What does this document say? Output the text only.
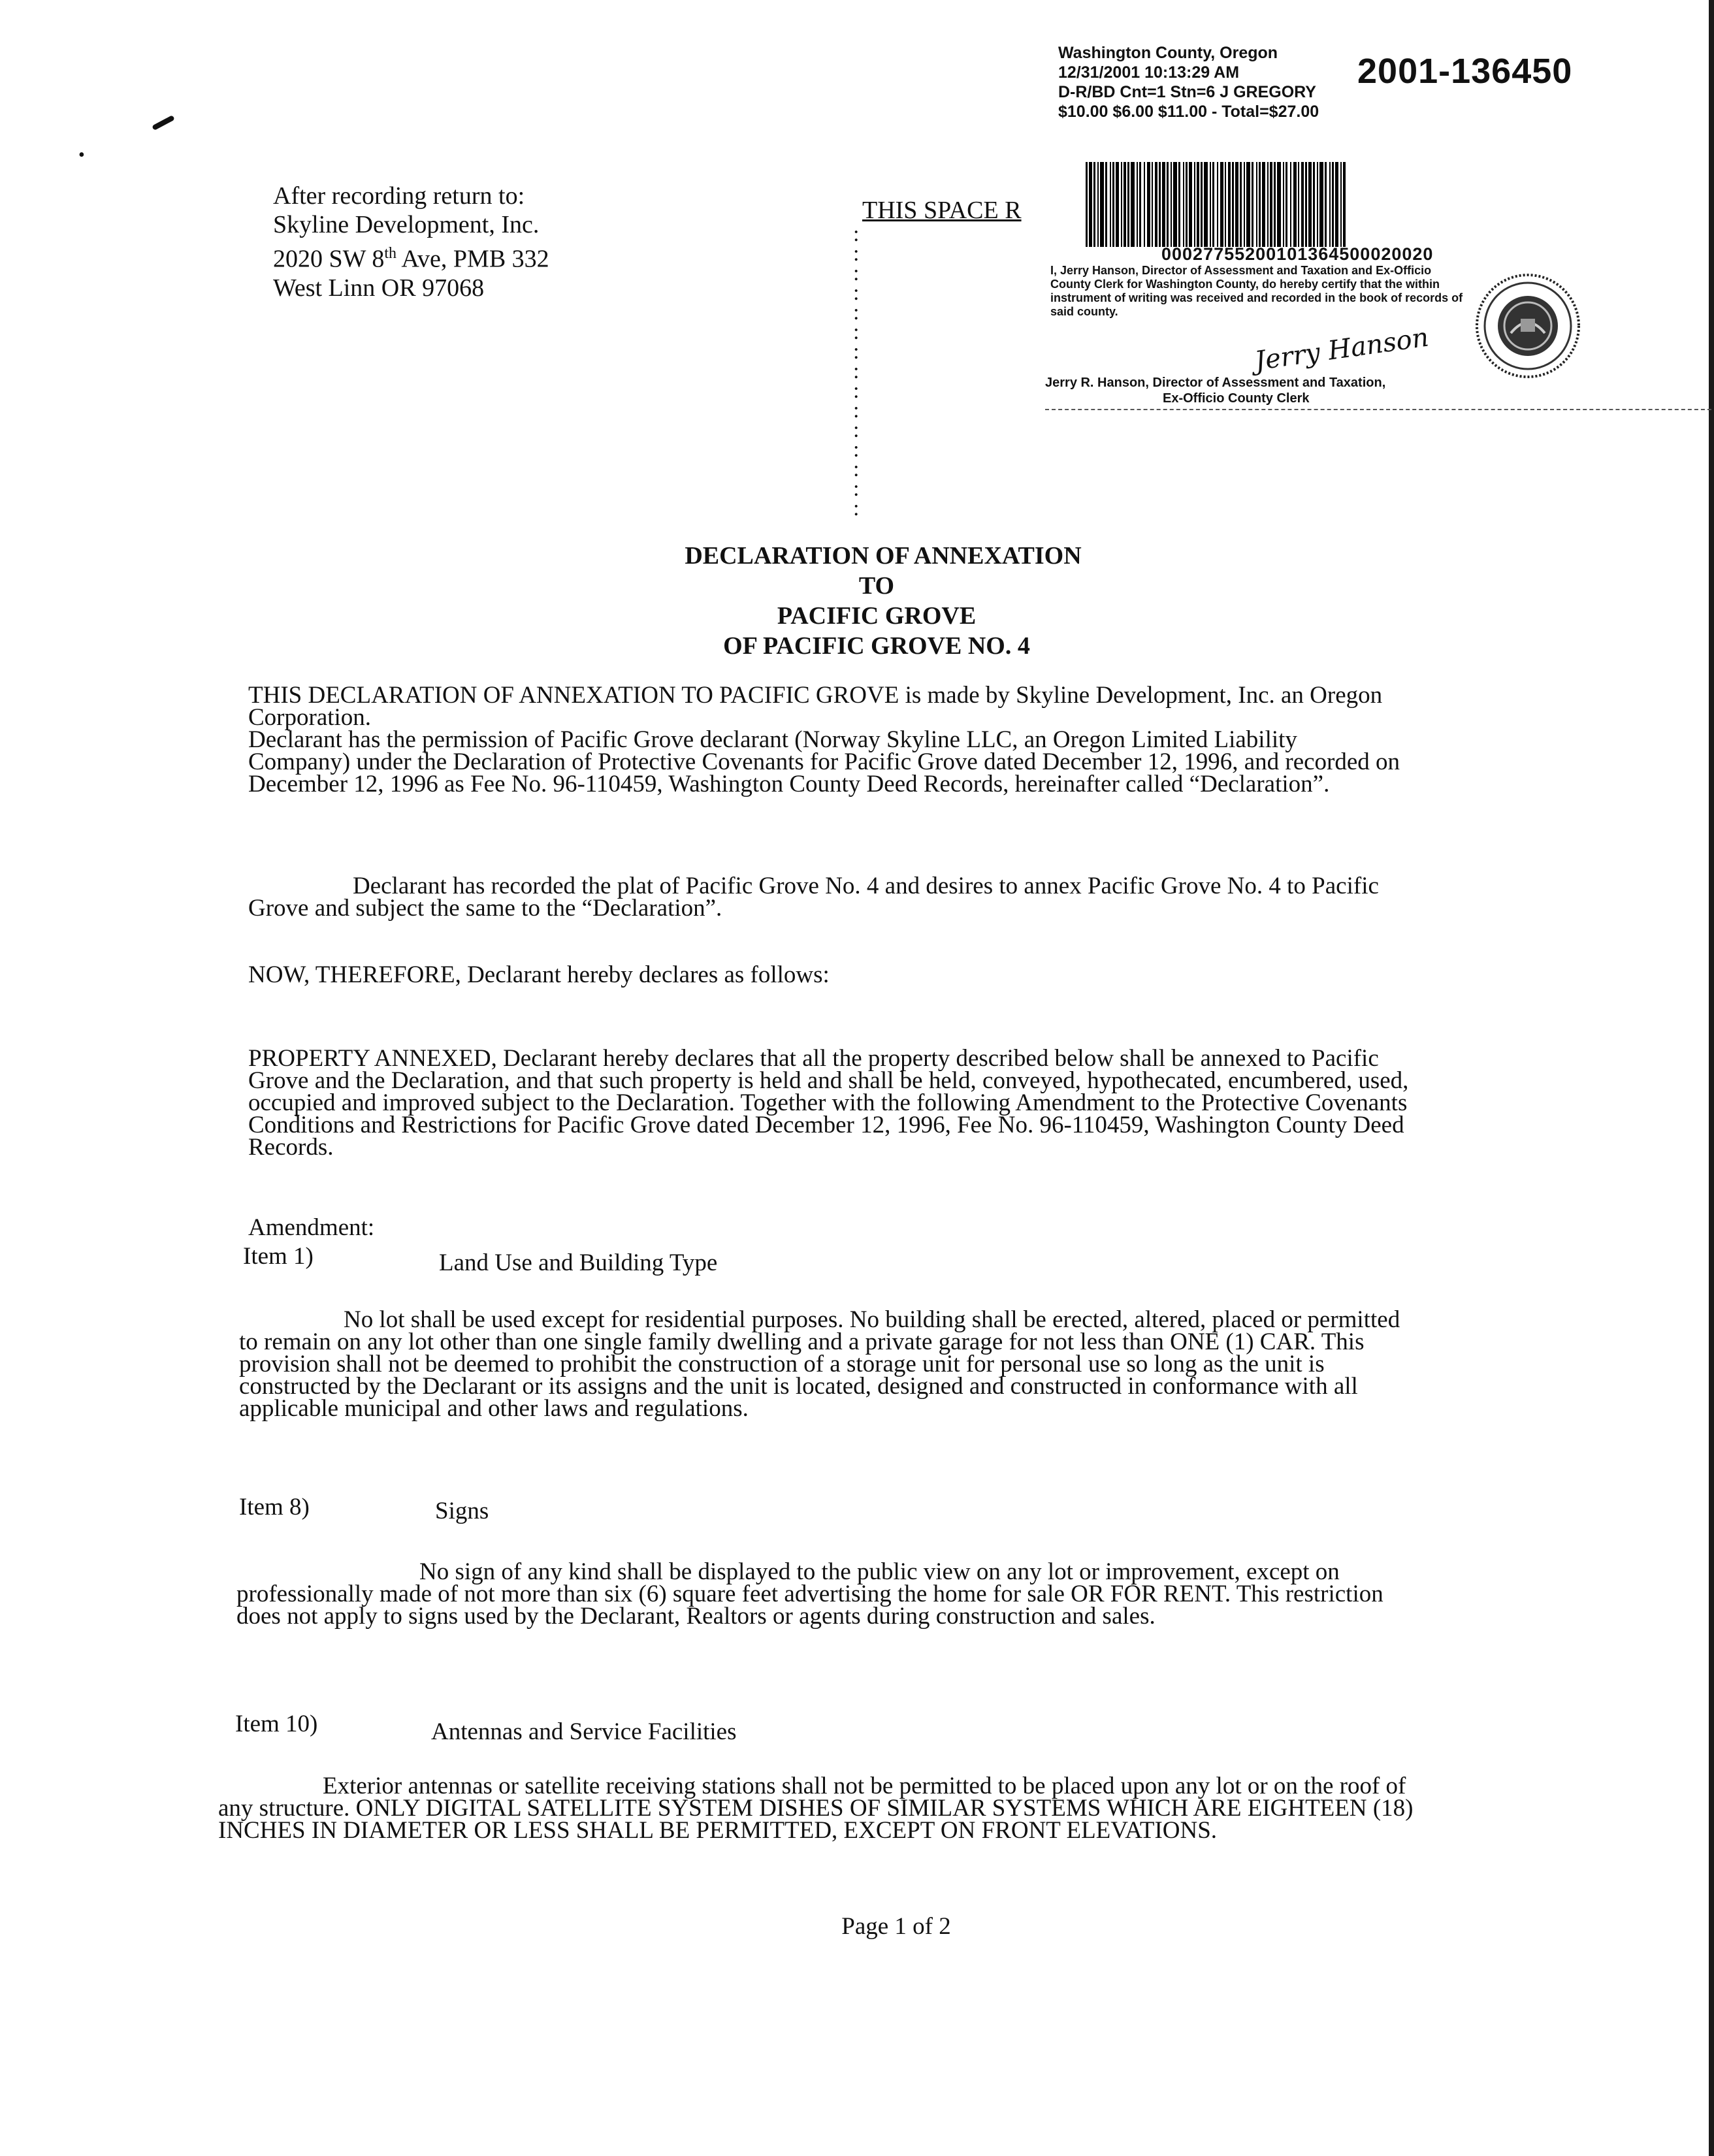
•
Washington County, Oregon
12/31/2001 10:13:29 AM
D-R/BD Cnt=1 Stn=6 J GREGORY
$10.00 $6.00 $11.00 - Total=$27.00
2001-136450
00027755200101364500020020
I, Jerry Hanson, Director of Assessment and Taxation and Ex-Officio County Clerk for Washington County, do hereby certify that the within instrument of writing was received and recorded in the book of records of said county.
Jerry Hanson
Jerry R. Hanson, Director of Assessment and Taxation,
Ex-Officio County Clerk
After recording return to:
Skyline Development, Inc.
2020 SW 8th Ave, PMB 332
West Linn OR 97068
THIS SPACE R
:
:
:
:
:
:
:
:
:
:
:
:
:
:
:
DECLARATION OF ANNEXATION
TO
PACIFIC GROVE
OF PACIFIC GROVE NO. 4

THIS DECLARATION OF ANNEXATION TO PACIFIC GROVE is made by Skyline Development, Inc. an Oregon Corporation.

Declarant has the permission of Pacific Grove declarant (Norway Skyline LLC, an Oregon Limited Liability Company) under the Declaration of Protective Covenants for Pacific Grove dated December 12, 1996, and recorded on December 12, 1996 as Fee No. 96-110459, Washington County Deed Records, hereinafter called “Declaration”.

Declarant has recorded the plat of Pacific Grove No. 4 and desires to annex Pacific Grove No. 4 to Pacific Grove and subject the same to the “Declaration”.

NOW, THEREFORE, Declarant hereby declares as follows:

PROPERTY ANNEXED, Declarant hereby declares that all the property described below shall be annexed to Pacific Grove and the Declaration, and that such property is held and shall be held, conveyed, hypothecated, encumbered, used, occupied and improved subject to the Declaration. Together with the following Amendment to the Protective Covenants Conditions and Restrictions for Pacific Grove dated December 12, 1996, Fee No. 96-110459, Washington County Deed Records.

Amendment:
Item 1)	Land Use and Building Type

No lot shall be used except for residential purposes. No building shall be erected, altered, placed or permitted to remain on any lot other than one single family dwelling and a private garage for not less than ONE (1) CAR. This provision shall not be deemed to prohibit the construction of a storage unit for personal use so long as the unit is constructed by the Declarant or its assigns and the unit is located, designed and constructed in conformance with all applicable municipal and other laws and regulations.

Item 8)	Signs

No sign of any kind shall be displayed to the public view on any lot or improvement, except on professionally made of not more than six (6) square feet advertising the home for sale OR FOR RENT. This restriction does not apply to signs used by the Declarant, Realtors or agents during construction and sales.

Item 10)	Antennas and Service Facilities

Exterior antennas or satellite receiving stations shall not be permitted to be placed upon any lot or on the roof of any structure. ONLY DIGITAL SATELLITE SYSTEM DISHES OF SIMILAR SYSTEMS WHICH ARE EIGHTEEN (18) INCHES IN DIAMETER OR LESS SHALL BE PERMITTED, EXCEPT ON FRONT ELEVATIONS.

Page 1 of 2
